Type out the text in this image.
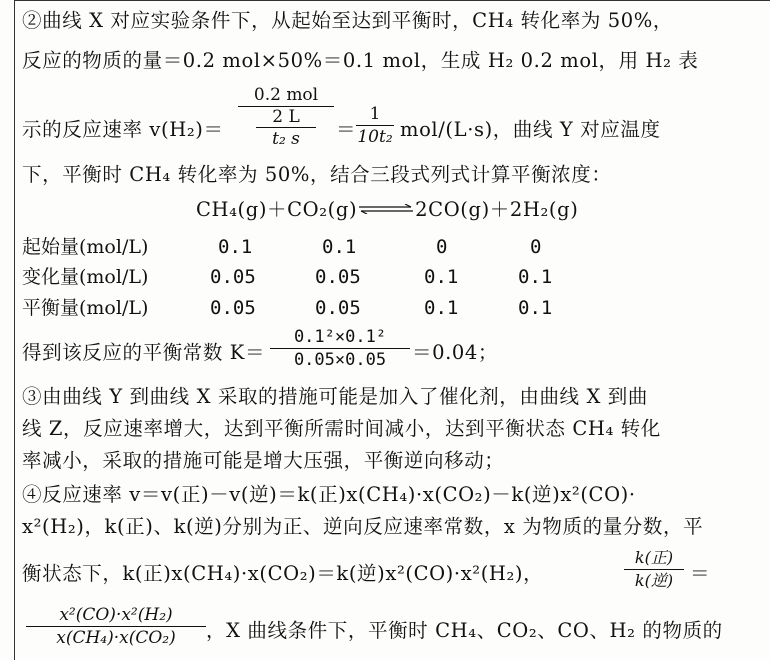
②曲线 X 对应实验条件下，从起始至达到平衡时，CH₄ 转化率为 50%，
反应的物质的量＝0.2 mol×50%＝0.1 mol，生成 H₂ 0.2 mol，用 H₂ 表
示的反应速率 v(H₂)＝
0.2 mol
2 L
t₂ s	＝
1
10t₂ mol/(L·s)，曲线 Y 对应温度
下，平衡时 CH₄ 转化率为 50%，结合三段式列式计算平衡浓度：
CH₄(g)＋CO₂(g)⇌2CO(g)＋2H₂(g)
起始量(mol/L)	0.1	0.1	0	0
变化量(mol/L)	0.05	0.05	0.1	0.1
平衡量(mol/L)	0.05	0.05	0.1	0.1
得到该反应的平衡常数 K＝
0.1²×0.1²
0.05×0.05	＝0.04；
③由曲线 Y 到曲线 X 采取的措施可能是加入了催化剂，由曲线 X 到曲
线 Z，反应速率增大，达到平衡所需时间减小，达到平衡状态 CH₄ 转化
率减小，采取的措施可能是增大压强，平衡逆向移动；
④反应速率 v＝v(正)－v(逆)＝k(正)x(CH₄)·x(CO₂)－k(逆)x²(CO)·
x²(H₂)，k(正)、k(逆)分别为正、逆向反应速率常数，x 为物质的量分数，平
衡状态下，k(正)x(CH₄)·x(CO₂)＝k(逆)x²(CO)·x²(H₂)，
k(正)
k(逆) ＝
x²(CO)·x²(H₂)
x(CH₄)·x(CO₂)	，X 曲线条件下，平衡时 CH₄、CO₂、CO、H₂ 的物质的
